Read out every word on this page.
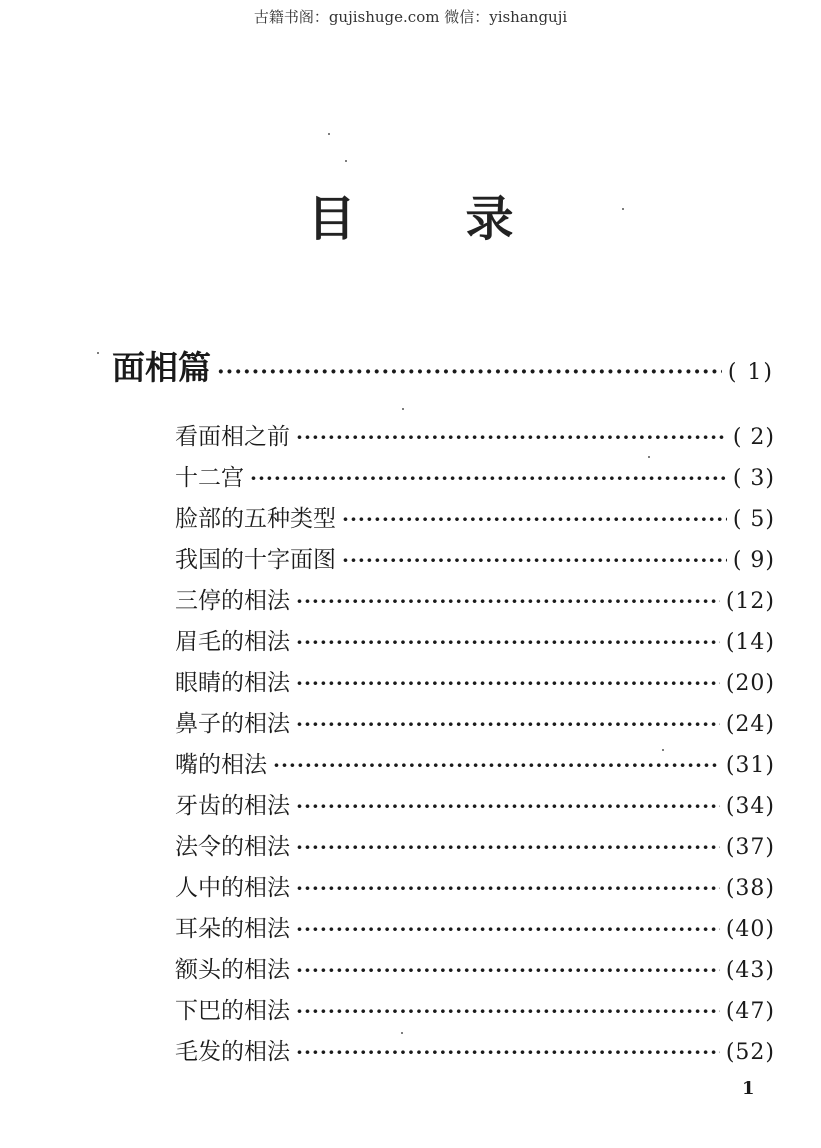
古籍书阁：gujishuge.com 微信：yishanguji
目 录
面相篇 ·····	( 1)
看面相之前 ·····	( 2)
十二宫 ·····	( 3)
脸部的五种类型 ·····	( 5)
我国的十字面图 ·····	( 9)
三停的相法 ·····	(12)
眉毛的相法 ·····	(14)
眼睛的相法 ·····	(20)
鼻子的相法 ·····	(24)
嘴的相法 ·····	(31)
牙齿的相法 ·····	(34)
法令的相法 ·····	(37)
人中的相法 ·····	(38)
耳朵的相法 ·····	(40)
额头的相法 ·····	(43)
下巴的相法 ·····	(47)
毛发的相法 ·····	(52)
1
